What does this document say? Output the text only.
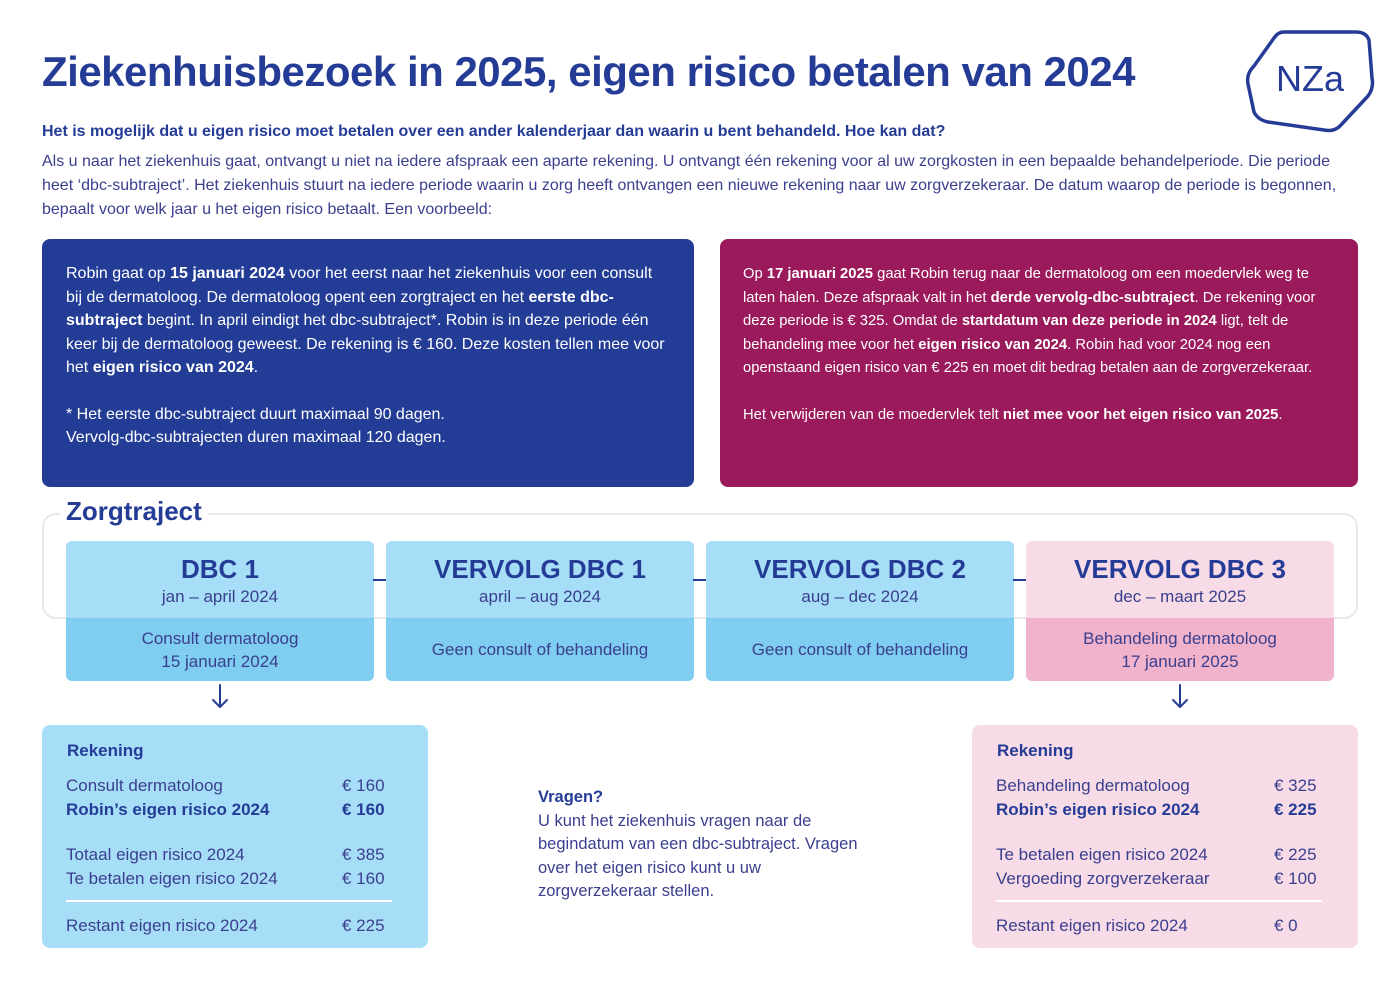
Ziekenhuisbezoek in 2025, eigen risico betalen van 2024	NZa
Het is mogelijk dat u eigen risico moet betalen over een ander kalenderjaar dan waarin u bent behandeld. Hoe kan dat?

Als u naar het ziekenhuis gaat, ontvangt u niet na iedere afspraak een aparte rekening. U ontvangt één rekening voor al uw zorgkosten in een bepaalde behandelperiode. Die periode heet ‘dbc-subtraject’. Het ziekenhuis stuurt na iedere periode waarin u zorg heeft ontvangen een nieuwe rekening naar uw zorgverzekeraar. De datum waarop de periode is begonnen, bepaalt voor welk jaar u het eigen risico betaalt. Een voorbeeld:

Robin gaat op 15 januari 2024 voor het eerst naar het ziekenhuis voor een consult bij de dermatoloog. De dermatoloog opent een zorgtraject en het eerste dbc-subtraject begint. In april eindigt het dbc-subtraject*. Robin is in deze periode één keer bij de dermatoloog geweest. De rekening is € 160. Deze kosten tellen mee voor het eigen risico van 2024.

* Het eerste dbc-subtraject duurt maximaal 90 dagen.
Vervolg-dbc-subtrajecten duren maximaal 120 dagen.

Op 17 januari 2025 gaat Robin terug naar de dermatoloog om een moedervlek weg te laten halen. Deze afspraak valt in het derde vervolg-dbc-subtraject. De rekening voor deze periode is € 325. Omdat de startdatum van deze periode in 2024 ligt, telt de behandeling mee voor het eigen risico van 2024. Robin had voor 2024 nog een openstaand eigen risico van € 225 en moet dit bedrag betalen aan de zorgverzekeraar.

Het verwijderen van de moedervlek telt niet mee voor het eigen risico van 2025.

Zorgtraject
DBC 1
jan – april 2024
Consult dermatoloog
15 januari 2024
VERVOLG DBC 1
april – aug 2024
Geen consult of behandeling
VERVOLG DBC 2
aug – dec 2024
Geen consult of behandeling
VERVOLG DBC 3
dec – maart 2025
Behandeling dermatoloog
17 januari 2025
Rekening
Consult dermatoloog	€ 160
Robin’s eigen risico 2024	€ 160
Totaal eigen risico 2024	€ 385
Te betalen eigen risico 2024	€ 160
Restant eigen risico 2024	€ 225
Vragen?
U kunt het ziekenhuis vragen naar de begindatum van een dbc-subtraject. Vragen over het eigen risico kunt u uw zorgverzekeraar stellen.
Rekening
Behandeling dermatoloog	€ 325
Robin’s eigen risico 2024	€ 225
Te betalen eigen risico 2024	€ 225
Vergoeding zorgverzekeraar	€ 100
Restant eigen risico 2024	€ 0
